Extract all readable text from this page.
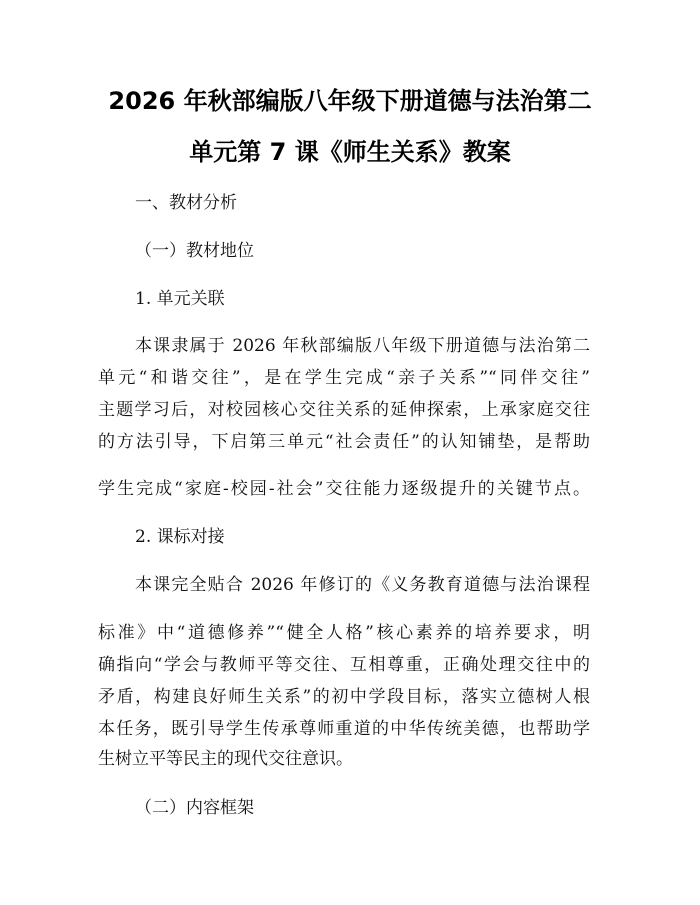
2026 年秋部编版八年级下册道德与法治第二
单元第 7 课《师生关系》教案
一、教材分析
（一）教材地位
1. 单元关联
本课隶属于 2026 年秋部编版八年级下册道德与法治第二
单元“和谐交往”，是在学生完成“亲子关系”“同伴交往”
主题学习后，对校园核心交往关系的延伸探索，上承家庭交往
的方法引导，下启第三单元“社会责任”的认知铺垫，是帮助
学生完成“家庭-校园-社会”交往能力逐级提升的关键节点。
2. 课标对接
本课完全贴合 2026 年修订的《义务教育道德与法治课程
标准》中“道德修养”“健全人格”核心素养的培养要求，明
确指向“学会与教师平等交往、互相尊重，正确处理交往中的
矛盾，构建良好师生关系”的初中学段目标，落实立德树人根
本任务，既引导学生传承尊师重道的中华传统美德，也帮助学
生树立平等民主的现代交往意识。
（二）内容框架
